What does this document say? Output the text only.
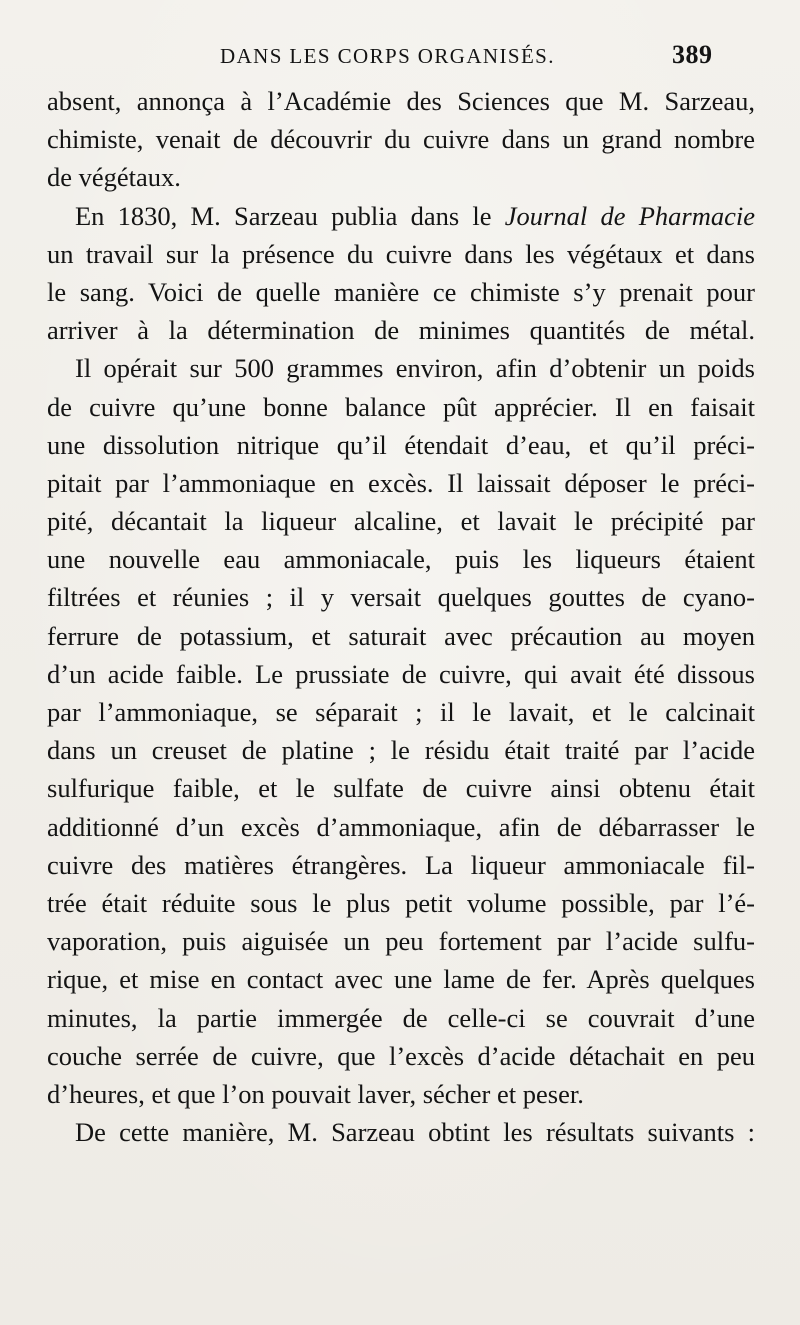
DANS LES CORPS ORGANISÉS.	389
absent, annonça à l’Académie des Sciences que M. Sarzeau,
chimiste, venait de découvrir du cuivre dans un grand nombre
de végétaux.
En 1830, M. Sarzeau publia dans le Journal de Pharmacie
un travail sur la présence du cuivre dans les végétaux et dans
le sang. Voici de quelle manière ce chimiste s’y prenait pour
arriver à la détermination de minimes quantités de métal.
Il opérait sur 500 grammes environ, afin d’obtenir un poids
de cuivre qu’une bonne balance pût apprécier. Il en faisait
une dissolution nitrique qu’il étendait d’eau, et qu’il préci-
pitait par l’ammoniaque en excès. Il laissait déposer le préci-
pité, décantait la liqueur alcaline, et lavait le précipité par
une nouvelle eau ammoniacale, puis les liqueurs étaient
filtrées et réunies ; il y versait quelques gouttes de cyano-
ferrure de potassium, et saturait avec précaution au moyen
d’un acide faible. Le prussiate de cuivre, qui avait été dissous
par l’ammoniaque, se séparait ; il le lavait, et le calcinait
dans un creuset de platine ; le résidu était traité par l’acide
sulfurique faible, et le sulfate de cuivre ainsi obtenu était
additionné d’un excès d’ammoniaque, afin de débarrasser le
cuivre des matières étrangères. La liqueur ammoniacale fil-
trée était réduite sous le plus petit volume possible, par l’é-
vaporation, puis aiguisée un peu fortement par l’acide sulfu-
rique, et mise en contact avec une lame de fer. Après quelques
minutes, la partie immergée de celle-ci se couvrait d’une
couche serrée de cuivre, que l’excès d’acide détachait en peu
d’heures, et que l’on pouvait laver, sécher et peser.
De cette manière, M. Sarzeau obtint les résultats suivants :
